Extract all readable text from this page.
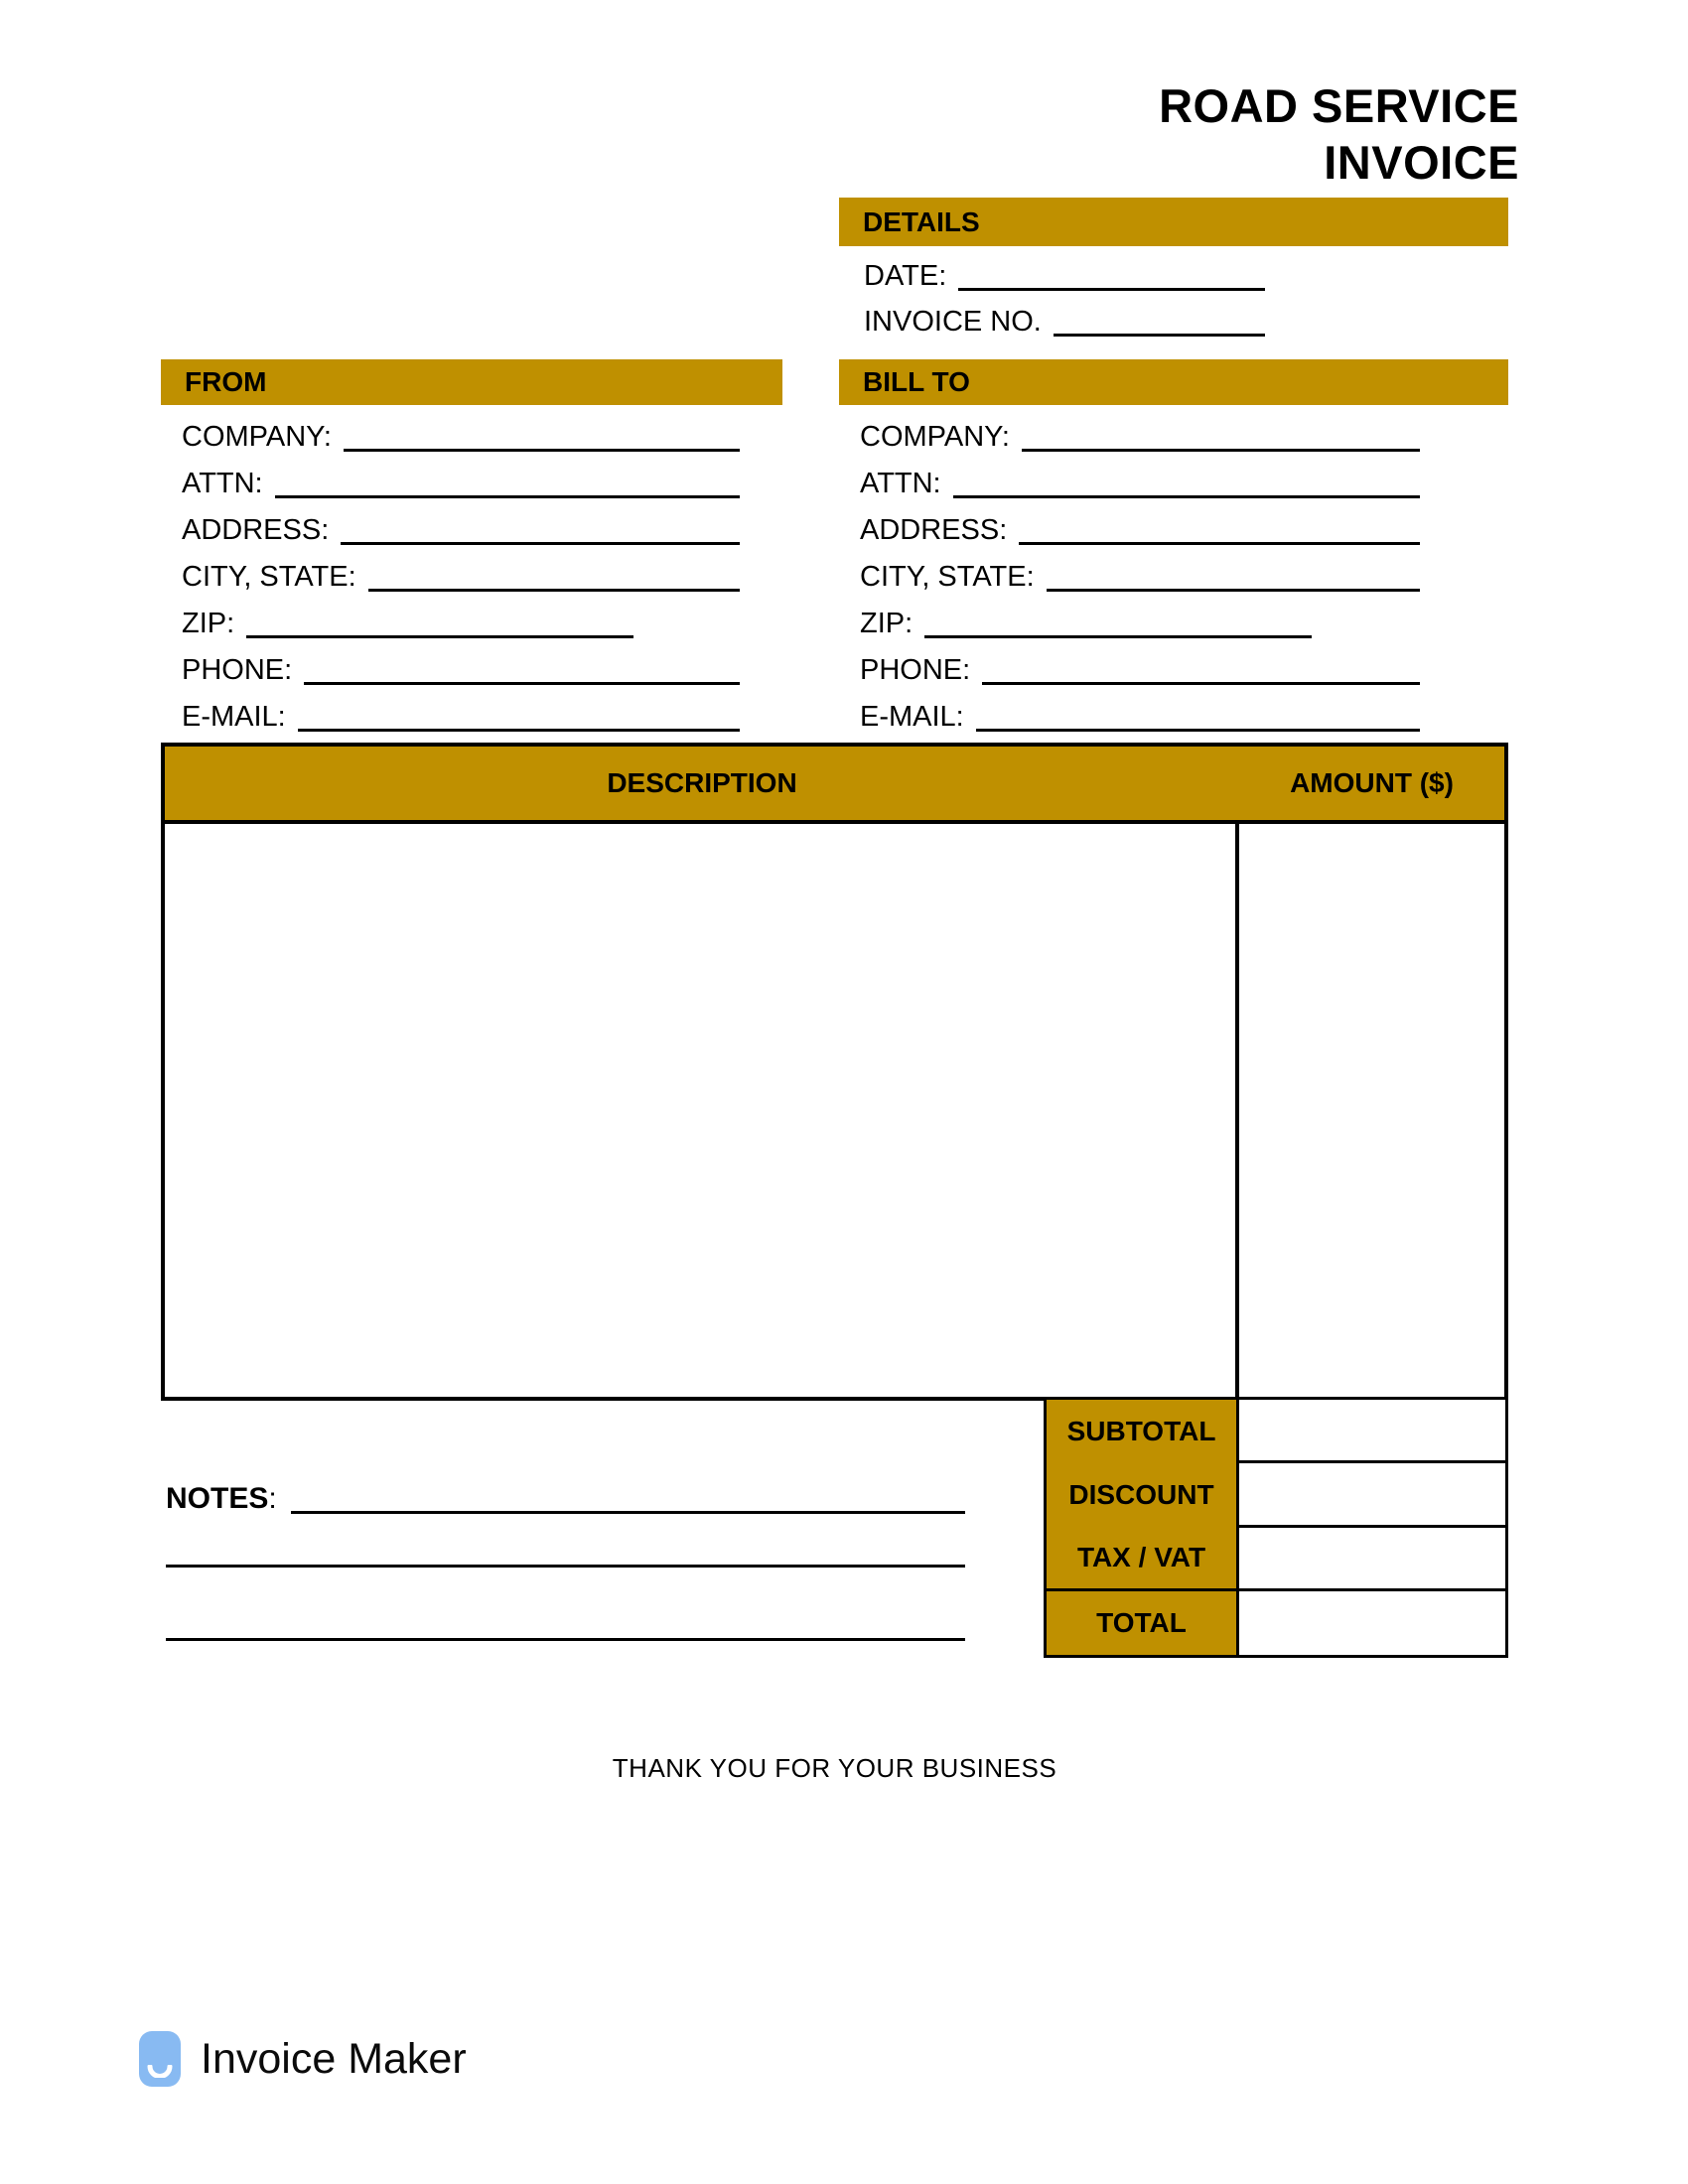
ROAD SERVICE
INVOICE
DETAILS
DATE:
INVOICE NO.
FROM	BILL TO
COMPANY:
ATTN:
ADDRESS:
CITY, STATE:
ZIP:
PHONE:
E-MAIL:
COMPANY:
ATTN:
ADDRESS:
CITY, STATE:
ZIP:
PHONE:
E-MAIL:
DESCRIPTION	AMOUNT ($)
SUBTOTAL
DISCOUNT
TAX / VAT
TOTAL
NOTES :
THANK YOU FOR YOUR BUSINESS
Invoice Maker
